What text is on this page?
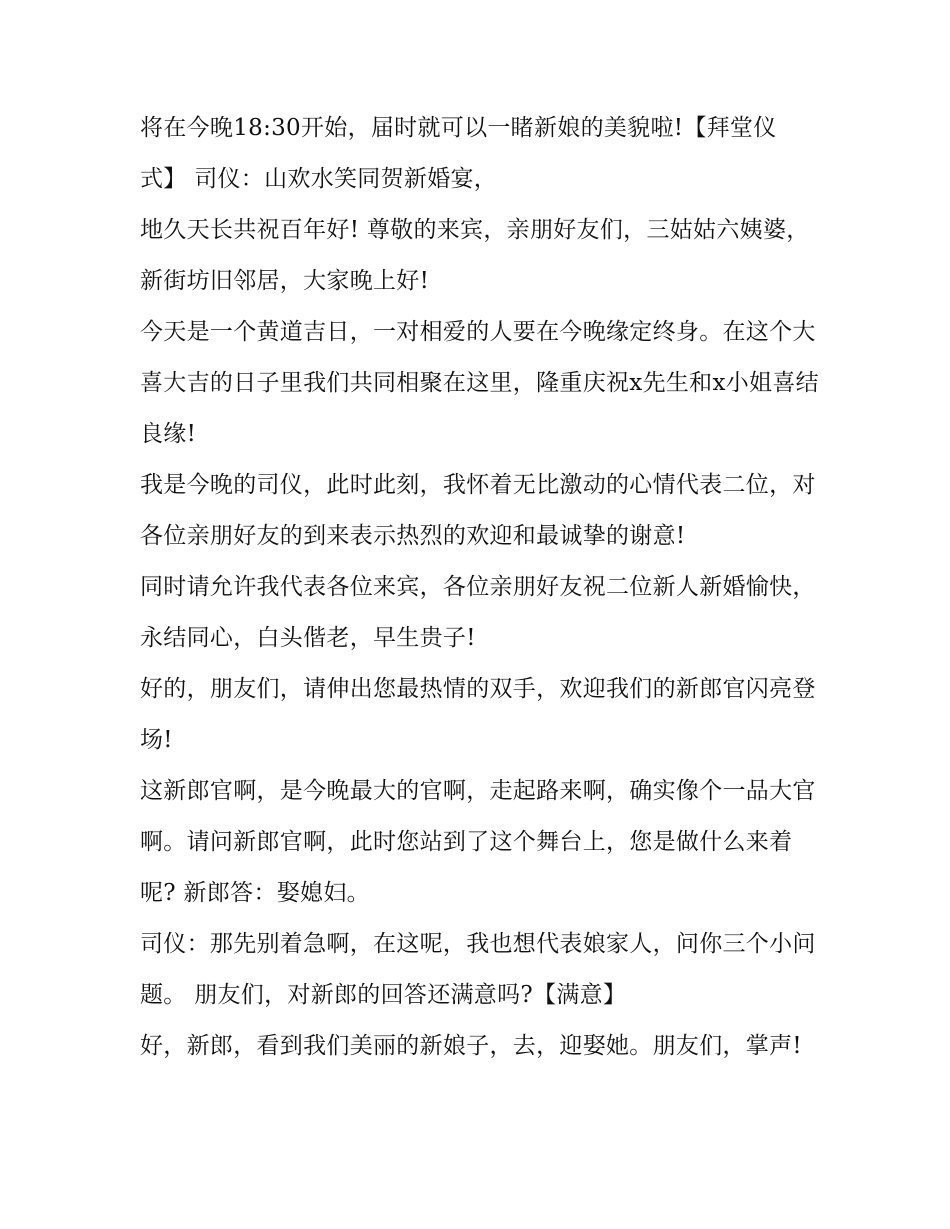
将在今晚18:30开始，届时就可以一睹新娘的美貌啦!【拜堂仪式】 司仪：山欢水笑同贺新婚宴，

地久天长共祝百年好! 尊敬的来宾，亲朋好友们，三姑姑六姨婆，新街坊旧邻居，大家晚上好!

今天是一个黄道吉日，一对相爱的人要在今晚缘定终身。在这个大喜大吉的日子里我们共同相聚在这里，隆重庆祝x先生和x小姐喜结良缘!

我是今晚的司仪，此时此刻，我怀着无比激动的心情代表二位，对各位亲朋好友的到来表示热烈的欢迎和最诚挚的谢意!

同时请允许我代表各位来宾，各位亲朋好友祝二位新人新婚愉快，永结同心，白头偕老，早生贵子!

好的，朋友们，请伸出您最热情的双手，欢迎我们的新郎官闪亮登场!

这新郎官啊，是今晚最大的官啊，走起路来啊，确实像个一品大官啊。请问新郎官啊，此时您站到了这个舞台上，您是做什么来着呢? 新郎答：娶媳妇。

司仪：那先别着急啊，在这呢，我也想代表娘家人，问你三个小问题。 朋友们，对新郎的回答还满意吗?【满意】

好，新郎，看到我们美丽的新娘子，去，迎娶她。朋友们，掌声!
